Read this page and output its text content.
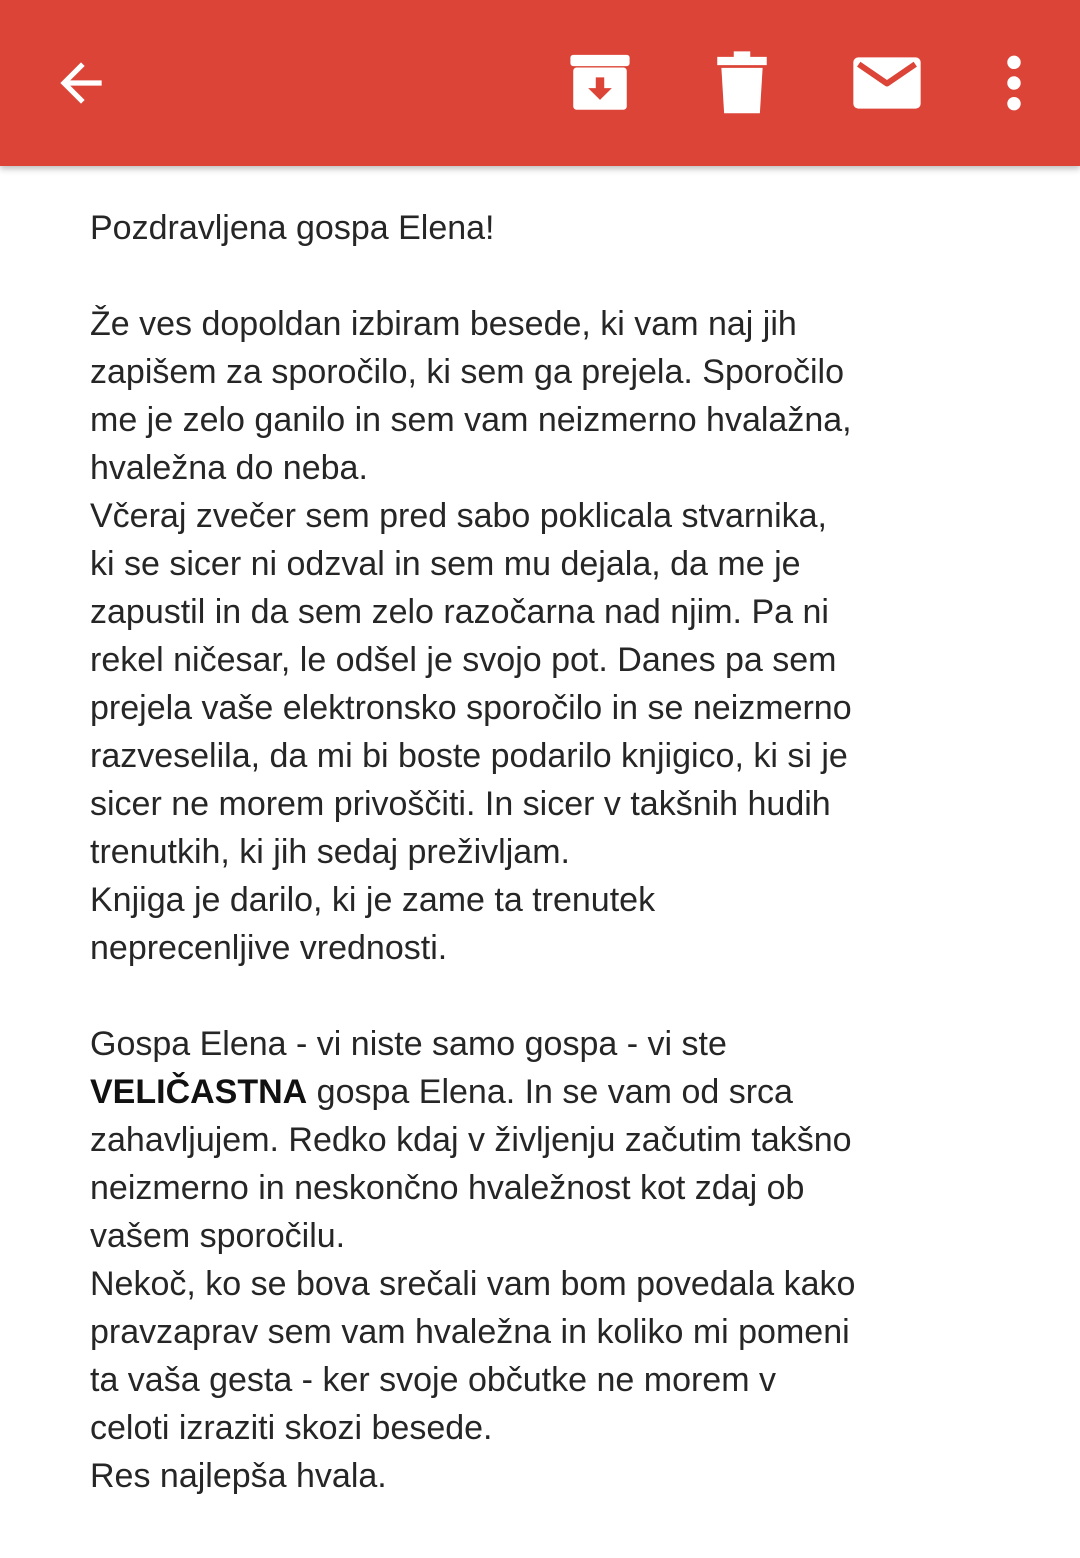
Pozdravljena gospa Elena!
Že ves dopoldan izbiram besede, ki vam naj jih
zapišem za sporočilo, ki sem ga prejela. Sporočilo
me je zelo ganilo in sem vam neizmerno hvalažna,
hvaležna do neba.
Včeraj zvečer sem pred sabo poklicala stvarnika,
ki se sicer ni odzval in sem mu dejala, da me je
zapustil in da sem zelo razočarna nad njim. Pa ni
rekel ničesar, le odšel je svojo pot. Danes pa sem
prejela vaše elektronsko sporočilo in se neizmerno
razveselila, da mi bi boste podarilo knjigico, ki si je
sicer ne morem privoščiti. In sicer v takšnih hudih
trenutkih, ki jih sedaj preživljam.
Knjiga je darilo, ki je zame ta trenutek
neprecenljive vrednosti.
Gospa Elena - vi niste samo gospa - vi ste
VELIČASTNA gospa Elena. In se vam od srca
zahavljujem. Redko kdaj v življenju začutim takšno
neizmerno in neskončno hvaležnost kot zdaj ob
vašem sporočilu.
Nekoč, ko se bova srečali vam bom povedala kako
pravzaprav sem vam hvaležna in koliko mi pomeni
ta vaša gesta - ker svoje občutke ne morem v
celoti izraziti skozi besede.
Res najlepša hvala.
